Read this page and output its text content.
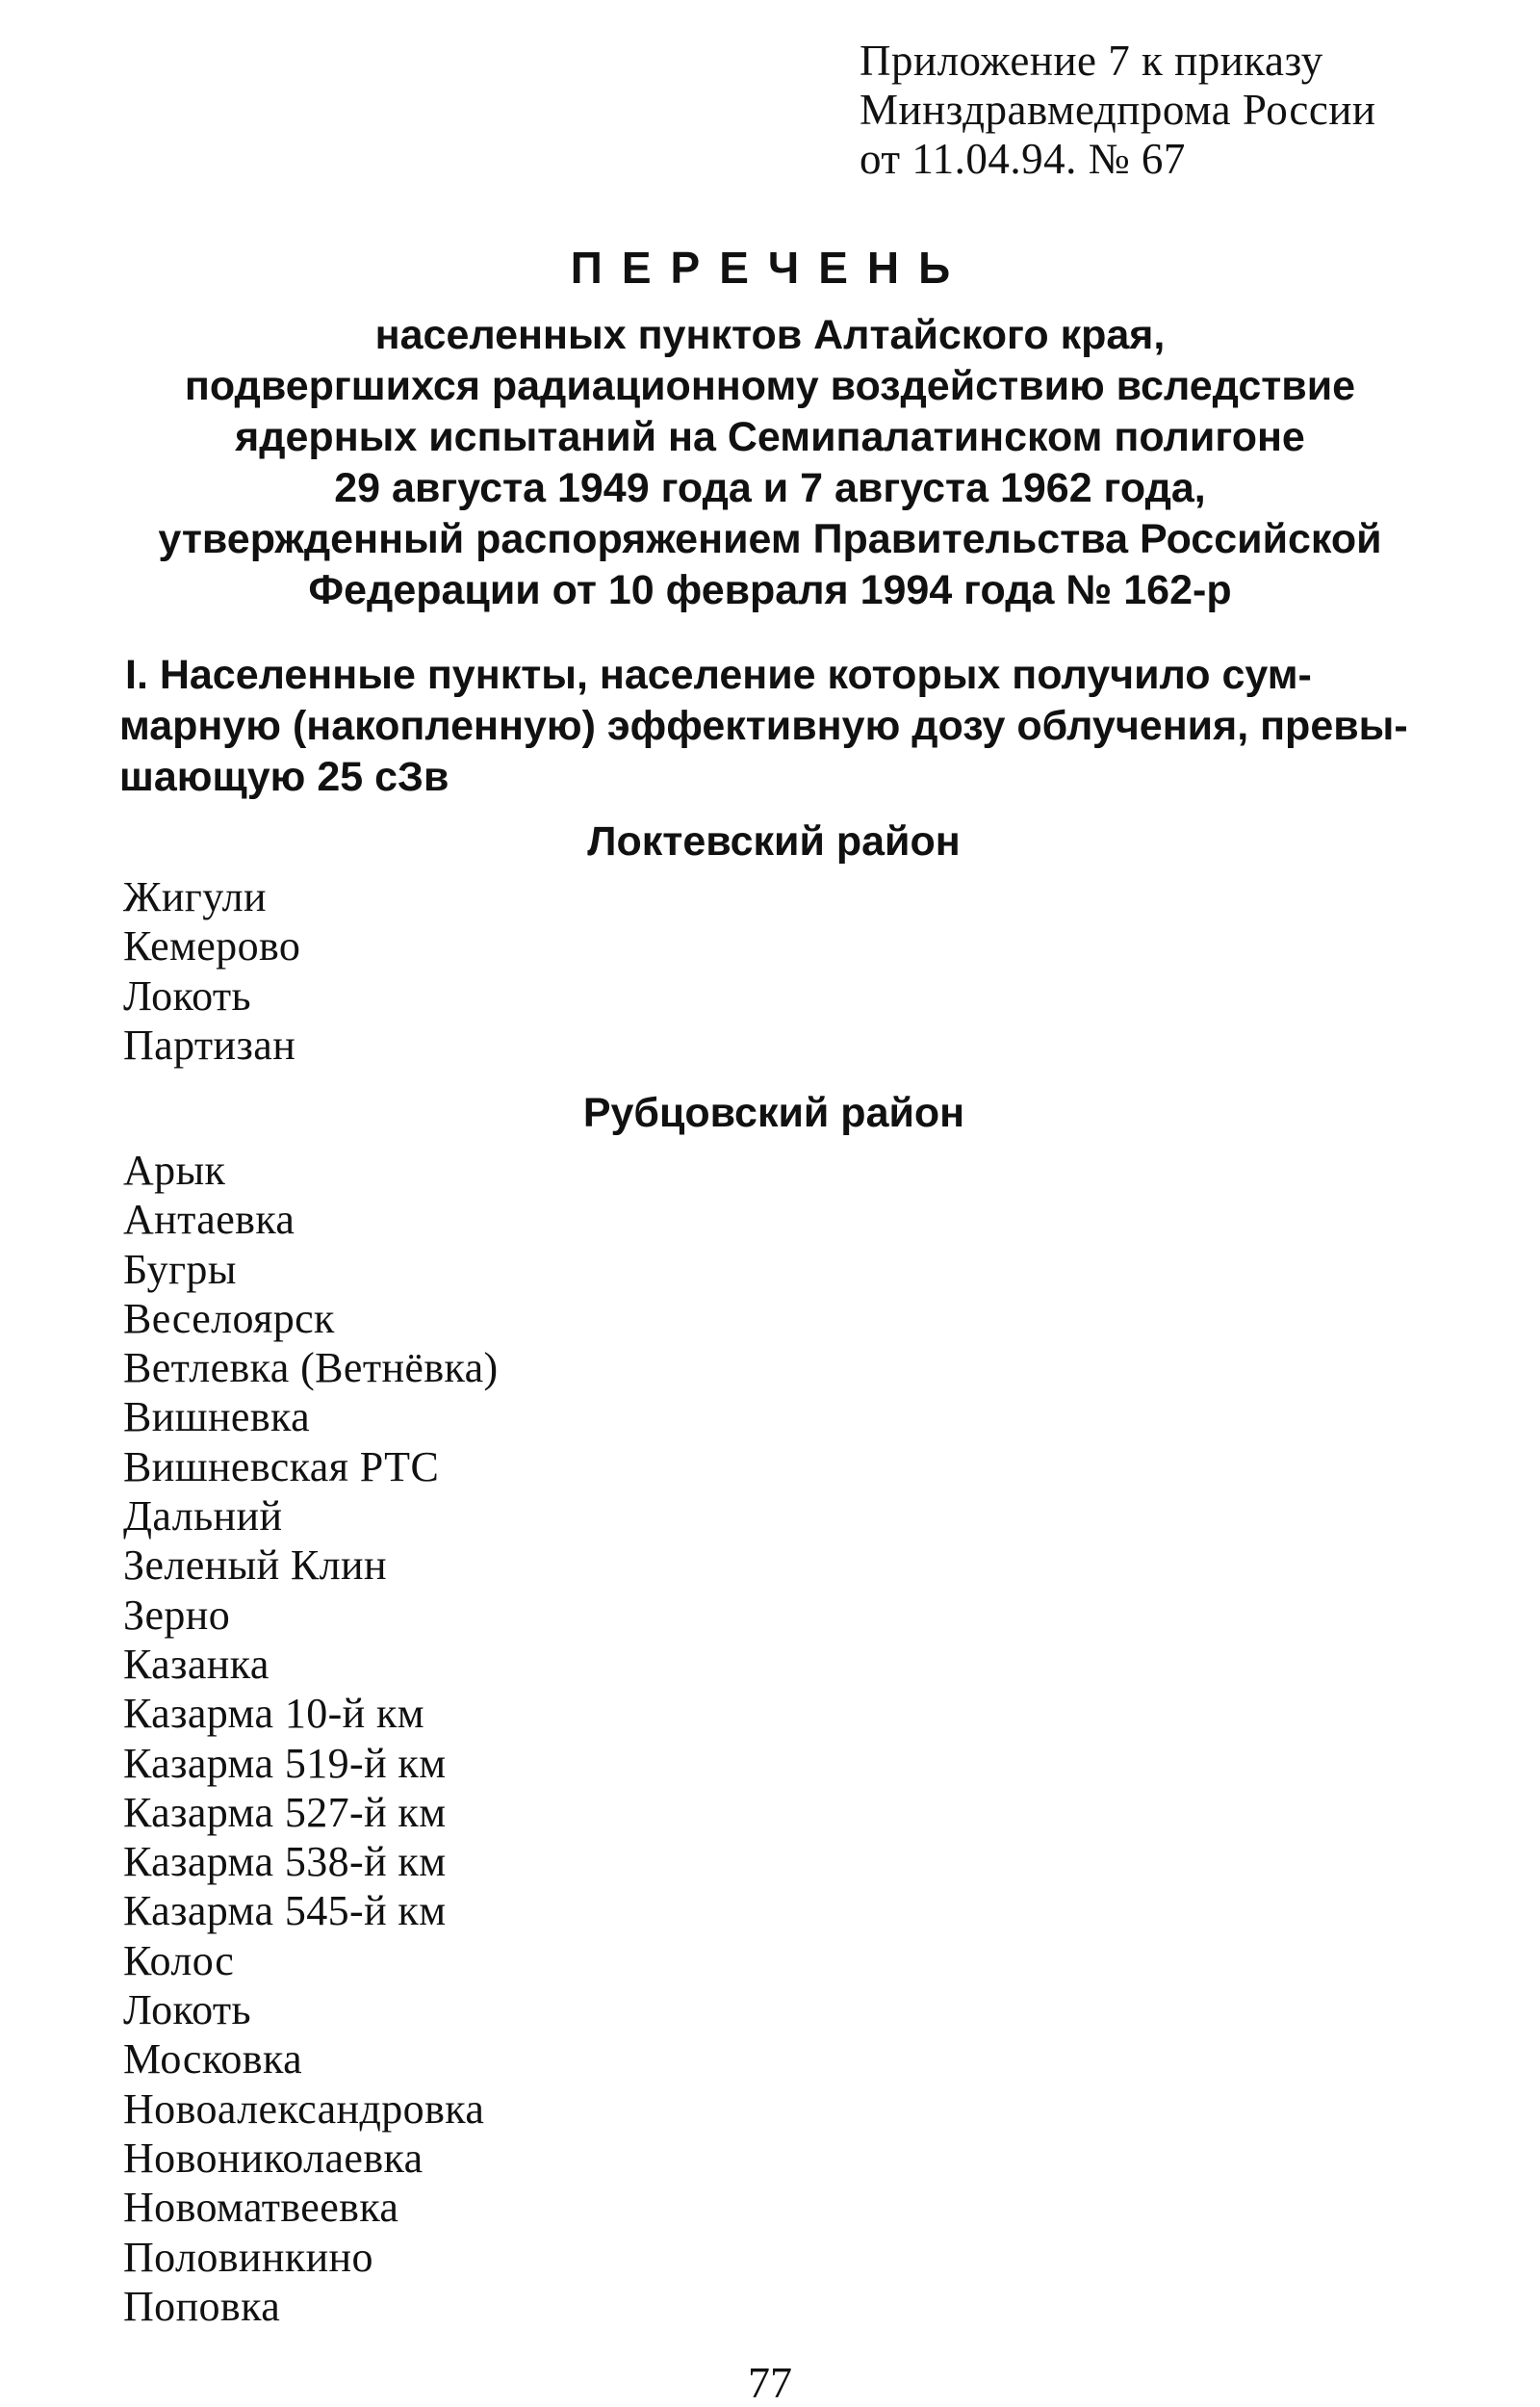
Приложение 7 к приказу
Минздравмедпрома России
от 11.04.94. № 67
ПЕРЕЧЕНЬ
населенных пунктов Алтайского края,
подвергшихся радиационному воздействию вследствие
ядерных испытаний на Семипалатинском полигоне
29 августа 1949 года и 7 августа 1962 года,
утвержденный распоряжением Правительства Российской
Федерации от 10 февраля 1994 года № 162-р
I. Населенные пункты, население которых получило сум-
марную (накопленную) эффективную дозу облучения, превы-
шающую 25 сЗв
Локтевский район
Жигули
Кемерово
Локоть
Партизан
Рубцовский район
Арык
Антаевка
Бугры
Веселоярск
Ветлевка (Ветнёвка)
Вишневка
Вишневская РТС
Дальний
Зеленый Клин
Зерно
Казанка
Казарма 10-й км
Казарма 519-й км
Казарма 527-й км
Казарма 538-й км
Казарма 545-й км
Колос
Локоть
Московка
Новоалександровка
Новониколаевка
Новоматвеевка
Половинкино
Поповка
77
